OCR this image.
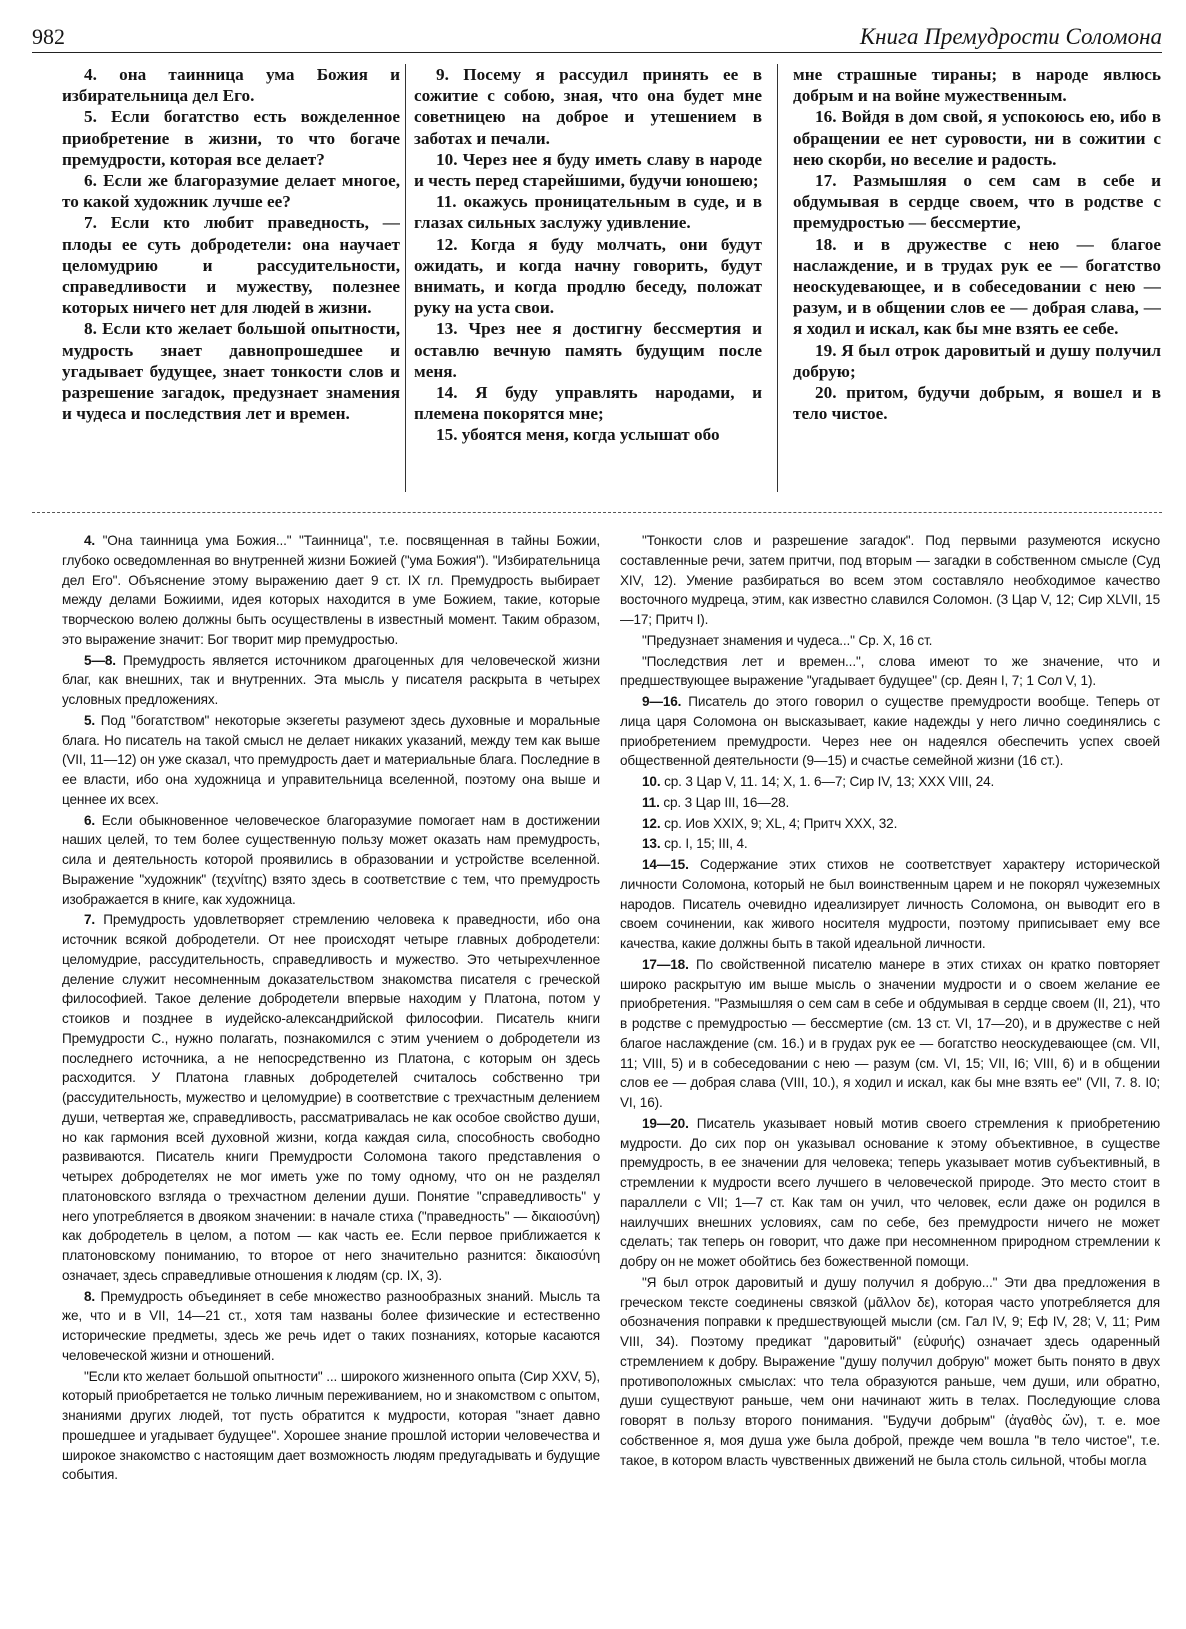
982	Книга Премудрости Соломона

4. она таинница ума Божия и избирательница дел Его.

5. Если богатство есть вожделенное приобретение в жизни, то что богаче премудрости, которая все делает?

6. Если же благоразумие делает многое, то какой художник лучше ее?

7. Если кто любит праведность, — плоды ее суть добродетели: она научает целомудрию и рассудительности, справедливости и мужеству, полезнее которых ничего нет для людей в жизни.

8. Если кто желает большой опытности, мудрость знает давнопрошедшее и угадывает будущее, знает тонкости слов и разрешение загадок, предузнает знамения и чудеса и последствия лет и времен.

9. Посему я рассудил принять ее в сожитие с собою, зная, что она будет мне советницею на доброе и утешением в заботах и печали.

10. Через нее я буду иметь славу в народе и честь перед старейшими, будучи юношею;

11. окажусь проницательным в суде, и в глазах сильных заслужу удивление.

12. Когда я буду молчать, они будут ожидать, и когда начну говорить, будут внимать, и когда продлю беседу, положат руку на уста свои.

13. Чрез нее я достигну бессмертия и оставлю вечную память будущим после меня.

14. Я буду управлять народами, и племена покорятся мне;

15. убоятся меня, когда услышат обо

мне страшные тираны; в народе явлюсь добрым и на войне мужественным.

16. Войдя в дом свой, я успокоюсь ею, ибо в обращении ее нет суровости, ни в сожитии с нею скорби, но веселие и радость.

17. Размышляя о сем сам в себе и обдумывая в сердце своем, что в родстве с премудростью — бессмертие,

18. и в дружестве с нею — благое наслаждение, и в трудах рук ее — богатство неоскудевающее, и в собеседовании с нею — разум, и в общении слов ее — добрая слава, — я ходил и искал, как бы мне взять ее себе.

19. Я был отрок даровитый и душу получил добрую;

20. притом, будучи добрым, я вошел и в тело чистое.

4. "Она таинница ума Божия..." "Таинница", т.е. посвященная в тайны Божии, глубоко осведомленная во внутренней жизни Божией ("ума Божия"). "Избирательница дел Его". Объяснение этому выражению дает 9 ст. IX гл. Премудрость выбирает между делами Божиими, идея которых находится в уме Божием, такие, которые творческою волею должны быть осуществлены в известный момент. Таким образом, это выражение значит: Бог творит мир премудростью.

5—8. Премудрость является источником драгоценных для человеческой жизни благ, как внешних, так и внутренних. Эта мысль у писателя раскрыта в четырех условных предложениях.

5. Под "богатством" некоторые экзегеты разумеют здесь духовные и моральные блага. Но писатель на такой смысл не делает никаких указаний, между тем как выше (VII, 11—12) он уже сказал, что премудрость дает и материальные блага. Последние в ее власти, ибо она художница и управительница вселенной, поэтому она выше и ценнее их всех.

6. Если обыкновенное человеческое благоразумие помогает нам в достижении наших целей, то тем более существенную пользу может оказать нам премудрость, сила и деятельность которой проявились в образовании и устройстве вселенной. Выражение "художник" (τεχνίτης) взято здесь в соответствие с тем, что премудрость изображается в книге, как художница.

7. Премудрость удовлетворяет стремлению человека к праведности, ибо она источник всякой добродетели. От нее происходят четыре главных добродетели: целомудрие, рассудительность, справедливость и мужество. Это четырехчленное деление служит несомненным доказательством знакомства писателя с греческой философией. Такое деление добродетели впервые находим у Платона, потом у стоиков и позднее в иудейско-александрийской философии. Писатель книги Премудрости С., нужно полагать, познакомился с этим учением о добродетели из последнего источника, а не непосредственно из Платона, с которым он здесь расходится. У Платона главных добродетелей считалось собственно три (рассудительность, мужество и целомудрие) в соответствие с трехчастным делением души, четвертая же, справедливость, рассматривалась не как особое свойство души, но как гармония всей духовной жизни, когда каждая сила, способность свободно развиваются. Писатель книги Премудрости Соломона такого представления о четырех добродетелях не мог иметь уже по тому одному, что он не разделял платоновского взгляда о трехчастном делении души. Понятие "справедливость" у него употребляется в двояком значении: в начале стиха ("праведность" — δικαιοσύνη) как добродетель в целом, а потом — как часть ее. Если первое приближается к платоновскому пониманию, то второе от него значительно разнится: δικαιοσύνη означает, здесь справедливые отношения к людям (ср. IX, 3).

8. Премудрость объединяет в себе множество разнообразных знаний. Мысль та же, что и в VII, 14—21 ст., хотя там названы более физические и естественно исторические предметы, здесь же речь идет о таких познаниях, которые касаются человеческой жизни и отношений.

"Если кто желает большой опытности" ... широкого жизненного опыта (Сир XXV, 5), который приобретается не только личным переживанием, но и знакомством с опытом, знаниями других людей, тот пусть обратится к мудрости, которая "знает давно прошедшее и угадывает будущее". Хорошее знание прошлой истории человечества и широкое знакомство с настоящим дает возможность людям предугадывать и будущие события.

"Тонкости слов и разрешение загадок". Под первыми разумеются искусно составленные речи, затем притчи, под вторым — загадки в собственном смысле (Суд XIV, 12). Умение разбираться во всем этом составляло необходимое качество восточного мудреца, этим, как известно славился Соломон. (3 Цар V, 12; Сир XLVII, 15—17; Притч I).

"Предузнает знамения и чудеса..." Ср. Х, 16 ст.

"Последствия лет и времен...", слова имеют то же значение, что и предшествующее выражение "угадывает будущее" (ср. Деян I, 7; 1 Сол V, 1).

9—16. Писатель до этого говорил о существе премудрости вообще. Теперь от лица царя Соломона он высказывает, какие надежды у него лично соединялись с приобретением премудрости. Через нее он надеялся обеспечить успех своей общественной деятельности (9—15) и счастье семейной жизни (16 ст.).

10. ср. 3 Цар V, 11. 14; Х, 1. 6—7; Сир IV, 13; ХХХ VIII, 24.

11. ср. 3 Цар III, 16—28.

12. ср. Иов XXIX, 9; XL, 4; Притч XXX, 32.

13. ср. I, 15; III, 4.

14—15. Содержание этих стихов не соответствует характеру исторической личности Соломона, который не был воинственным царем и не покорял чужеземных народов. Писатель очевидно идеализирует личность Соломона, он выводит его в своем сочинении, как живого носителя мудрости, поэтому приписывает ему все качества, какие должны быть в такой идеальной личности.

17—18. По свойственной писателю манере в этих стихах он кратко повторяет широко раскрытую им выше мысль о значении мудрости и о своем желание ее приобретения. "Размышляя о сем сам в себе и обдумывая в сердце своем (II, 21), что в родстве с премудростью — бессмертие (см. 13 ст. VI, 17—20), и в дружестве с ней благое наслаждение (см. 16.) и в грудах рук ее — богатство неоскудевающее (см. VII, 11; VIII, 5) и в собеседовании с нею — разум (см. VI, 15; VII, I6; VIII, 6) и в общении слов ее — добрая слава (VIII, 10.), я ходил и искал, как бы мне взять ее" (VII, 7. 8. I0; VI, 16).

19—20. Писатель указывает новый мотив своего стремления к приобретению мудрости. До сих пор он указывал основание к этому объективное, в существе премудрость, в ее значении для человека; теперь указывает мотив субъективный, в стремлении к мудрости всего лучшего в человеческой природе. Это место стоит в параллели с VII; 1—7 ст. Как там он учил, что человек, если даже он родился в наилучших внешних условиях, сам по себе, без премудрости ничего не может сделать; так теперь он говорит, что даже при несомненном природном стремлении к добру он не может обойтись без божественной помощи.

"Я был отрок даровитый и душу получил я добрую..." Эти два предложения в греческом тексте соединены связкой (μᾶλλον δε), которая часто употребляется для обозначения поправки к предшествующей мысли (см. Гал IV, 9; Еф IV, 28; V, 11; Рим VIII, 34). Поэтому предикат "даровитый" (εὐφυής) означает здесь одаренный стремлением к добру. Выражение "душу получил добрую" может быть понято в двух противоположных смыслах: что тела образуются раньше, чем души, или обратно, души существуют раньше, чем они начинают жить в телах. Последующие слова говорят в пользу второго понимания. "Будучи добрым" (ἀγαθὸς ὤν), т. е. мое собственное я, моя душа уже была доброй, прежде чем вошла "в тело чистое", т.е. такое, в котором власть чувственных движений не была столь сильной, чтобы могла
